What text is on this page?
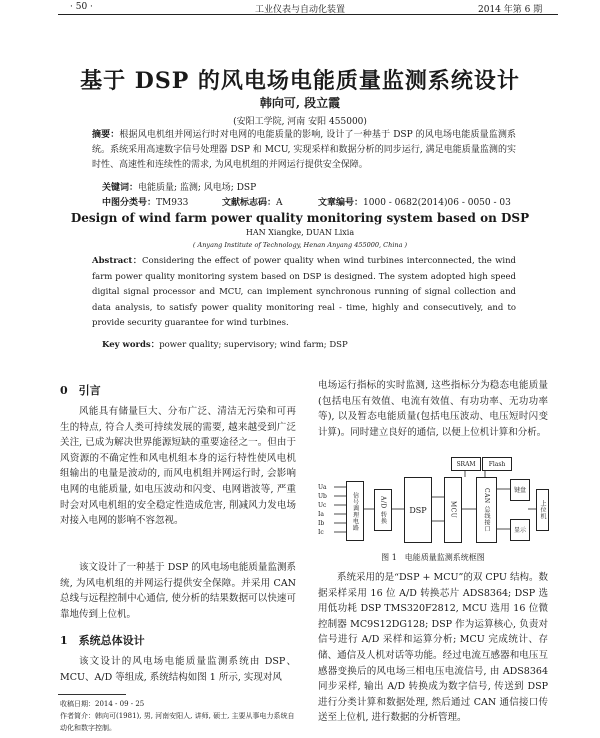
· 50 ·	工业仪表与自动化装置	2014 年第 6 期
基于 DSP 的风电场电能质量监测系统设计
韩向可, 段立霞
(安阳工学院, 河南 安阳 455000)
摘要：根据风电机组并网运行时对电网的电能质量的影响, 设计了一种基于 DSP 的风电场电能质量监测系统。系统采用高速数字信号处理器 DSP 和 MCU, 实现采样和数据分析的同步运行, 满足电能质量监测的实时性、高速性和连续性的需求, 为风电机组的并网运行提供安全保障。
关键词：电能质量; 监测; 风电场; DSP
中图分类号：TM933	文献标志码：A	文章编号：1000 - 0682(2014)06 - 0050 - 03
Design of wind farm power quality monitoring system based on DSP
HAN Xiangke, DUAN Lixia
( Anyang Institute of Technology, Henan Anyang 455000, China )
Abstract：Considering the effect of power quality when wind turbines interconnected, the wind farm power quality monitoring system based on DSP is designed. The system adopted high speed digital signal processor and MCU, can implement synchronous running of signal collection and data analysis, to satisfy power quality monitoring real - time, highly and consecutively, and to provide security guarantee for wind turbines.
Key words：power quality; supervisory; wind farm; DSP
0　引言
风能具有储量巨大、分布广泛、清洁无污染和可再生的特点, 符合人类可持续发展的需要, 越来越受到广泛关注, 已成为解决世界能源短缺的重要途径之一。但由于风资源的不确定性和风电机组本身的运行特性使风电机组输出的电量是波动的, 而风电机组并网运行时, 会影响电网的电能质量, 如电压波动和闪变、电网谐波等, 严重时会对风电机组的安全稳定性造成危害, 削减风力发电场对接入电网的影响不容忽视。
该文设计了一种基于 DSP 的风电场电能质量监测系统, 为风电机组的并网运行提供安全保障。并采用 CAN 总线与远程控制中心通信, 使分析的结果数据可以快速可靠地传到上位机。
1　系统总体设计
该文设计的风电场电能质量监测系统由 DSP、MCU、A/D 等组成, 系统结构如图 1 所示, 实现对风
收稿日期：2014 - 09 - 25
作者简介：韩向可(1981), 男, 河南安阳人, 讲师, 硕士, 主要从事电力系统自动化和数字控制。
电场运行指标的实时监测, 这些指标分为稳态电能质量(包括电压有效值、电流有效值、有功功率、无功功率等), 以及暂态电能质量(包括电压波动、电压短时闪变计算)。同时建立良好的通信, 以便上位机计算和分析。
Ua
Ub
Uc
Ia
Ib
Ic
信号调理电路	A/D 转换	DSP
SRAM Flash
MCU	CAN 总线接口	键盘
显示
上位机
图 1　电能质量监测系统框图
系统采用的是“DSP + MCU”的双 CPU 结构。数据采样采用 16 位 A/D 转换芯片 ADS8364; DSP 选用低功耗 DSP TMS320F2812, MCU 选用 16 位微控制器 MC9S12DG128; DSP 作为运算核心, 负责对信号进行 A/D 采样和运算分析; MCU 完成统计、存储、通信及人机对话等功能。经过电流互感器和电压互感器变换后的风电场三相电压电流信号, 由 ADS8364 同步采样, 输出 A/D 转换成为数字信号, 传送到 DSP 进行分类计算和数据处理, 然后通过 CAN 通信接口传送至上位机, 进行数据的分析管理。
